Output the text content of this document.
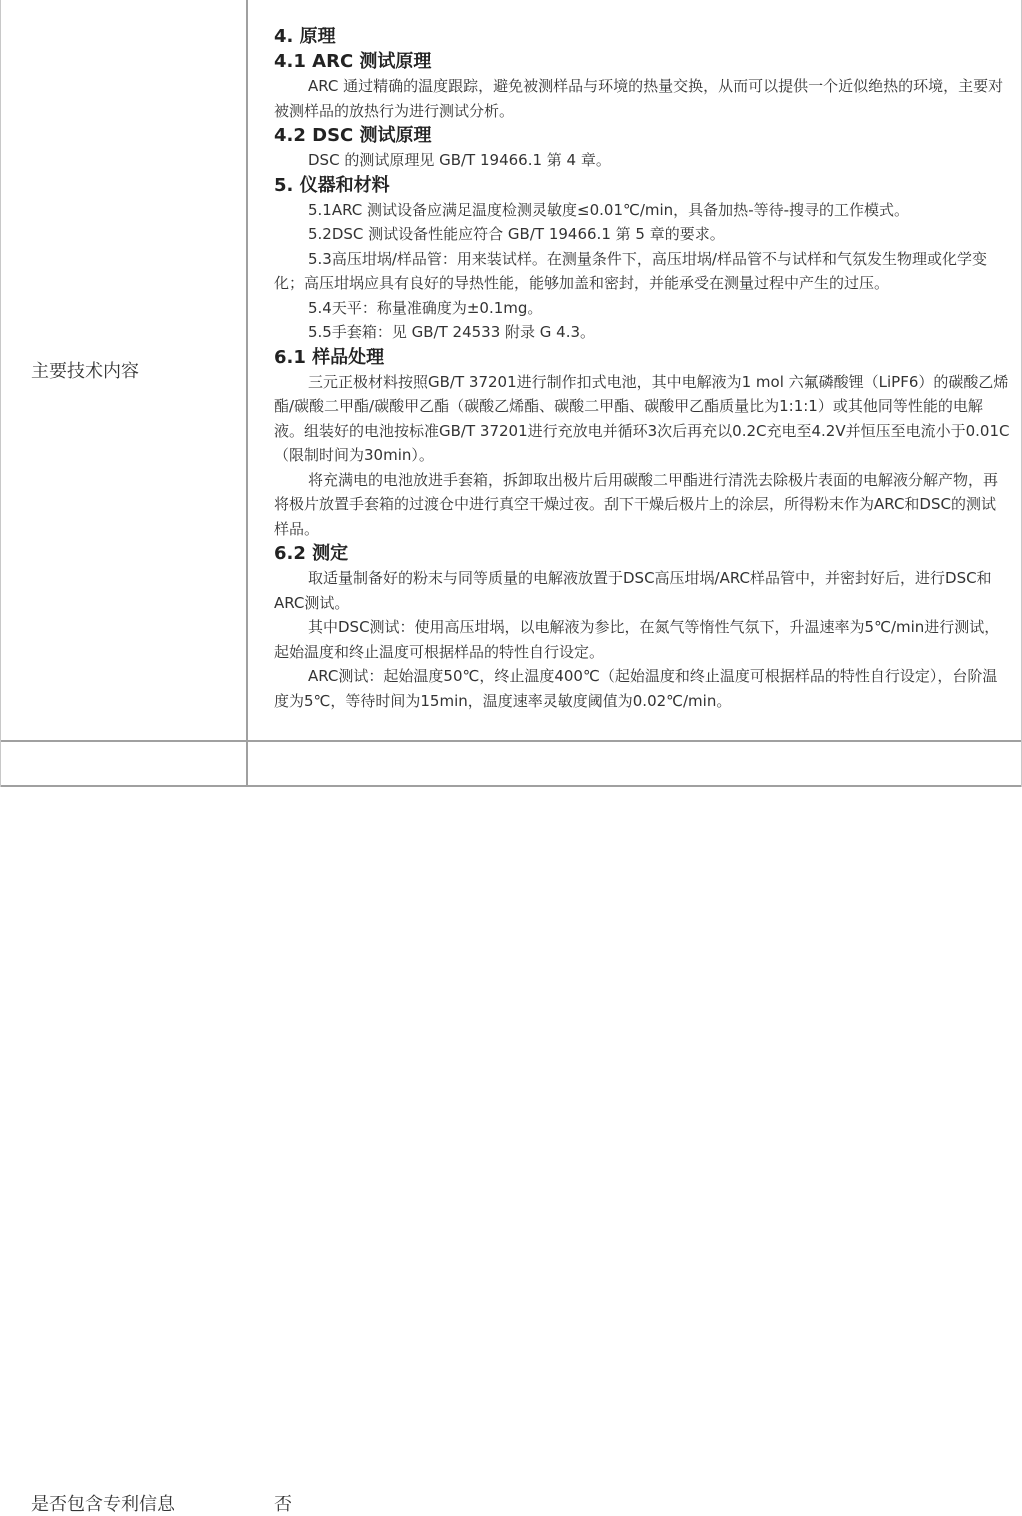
主要技术内容
4. 原理
4.1 ARC 测试原理
ARC 通过精确的温度跟踪，避免被测样品与环境的热量交换，从而可以提供一个近似绝热的环境，主要对被测样品的放热行为进行测试分析。
4.2 DSC 测试原理
DSC 的测试原理见 GB/T 19466.1 第 4 章。
5. 仪器和材料
5.1ARC 测试设备应满足温度检测灵敏度≤0.01℃/min，具备加热-等待-搜寻的工作模式。
5.2DSC 测试设备性能应符合 GB/T 19466.1 第 5 章的要求。
5.3高压坩埚/样品管：用来装试样。在测量条件下，高压坩埚/样品管不与试样和气氛发生物理或化学变化；高压坩埚应具有良好的导热性能，能够加盖和密封，并能承受在测量过程中产生的过压。
5.4天平：称量准确度为±0.1mg。
5.5手套箱：见 GB/T 24533 附录 G 4.3。
6.1 样品处理
三元正极材料按照GB/T 37201进行制作扣式电池，其中电解液为1 mol 六氟磷酸锂（LiPF6）的碳酸乙烯酯/碳酸二甲酯/碳酸甲乙酯（碳酸乙烯酯、碳酸二甲酯、碳酸甲乙酯质量比为1:1:1）或其他同等性能的电解液。组装好的电池按标准GB/T 37201进行充放电并循环3次后再充以0.2C充电至4.2V并恒压至电流小于0.01C（限制时间为30min）。
将充满电的电池放进手套箱，拆卸取出极片后用碳酸二甲酯进行清洗去除极片表面的电解液分解产物，再将极片放置手套箱的过渡仓中进行真空干燥过夜。刮下干燥后极片上的涂层，所得粉末作为ARC和DSC的测试样品。
6.2 测定
取适量制备好的粉末与同等质量的电解液放置于DSC高压坩埚/ARC样品管中，并密封好后，进行DSC和ARC测试。
其中DSC测试：使用高压坩埚，以电解液为参比，在氮气等惰性气氛下，升温速率为5℃/min进行测试，起始温度和终止温度可根据样品的特性自行设定。
ARC测试：起始温度50℃，终止温度400℃（起始温度和终止温度可根据样品的特性自行设定），台阶温度为5℃，等待时间为15min，温度速率灵敏度阈值为0.02℃/min。
是否包含专利信息	否
